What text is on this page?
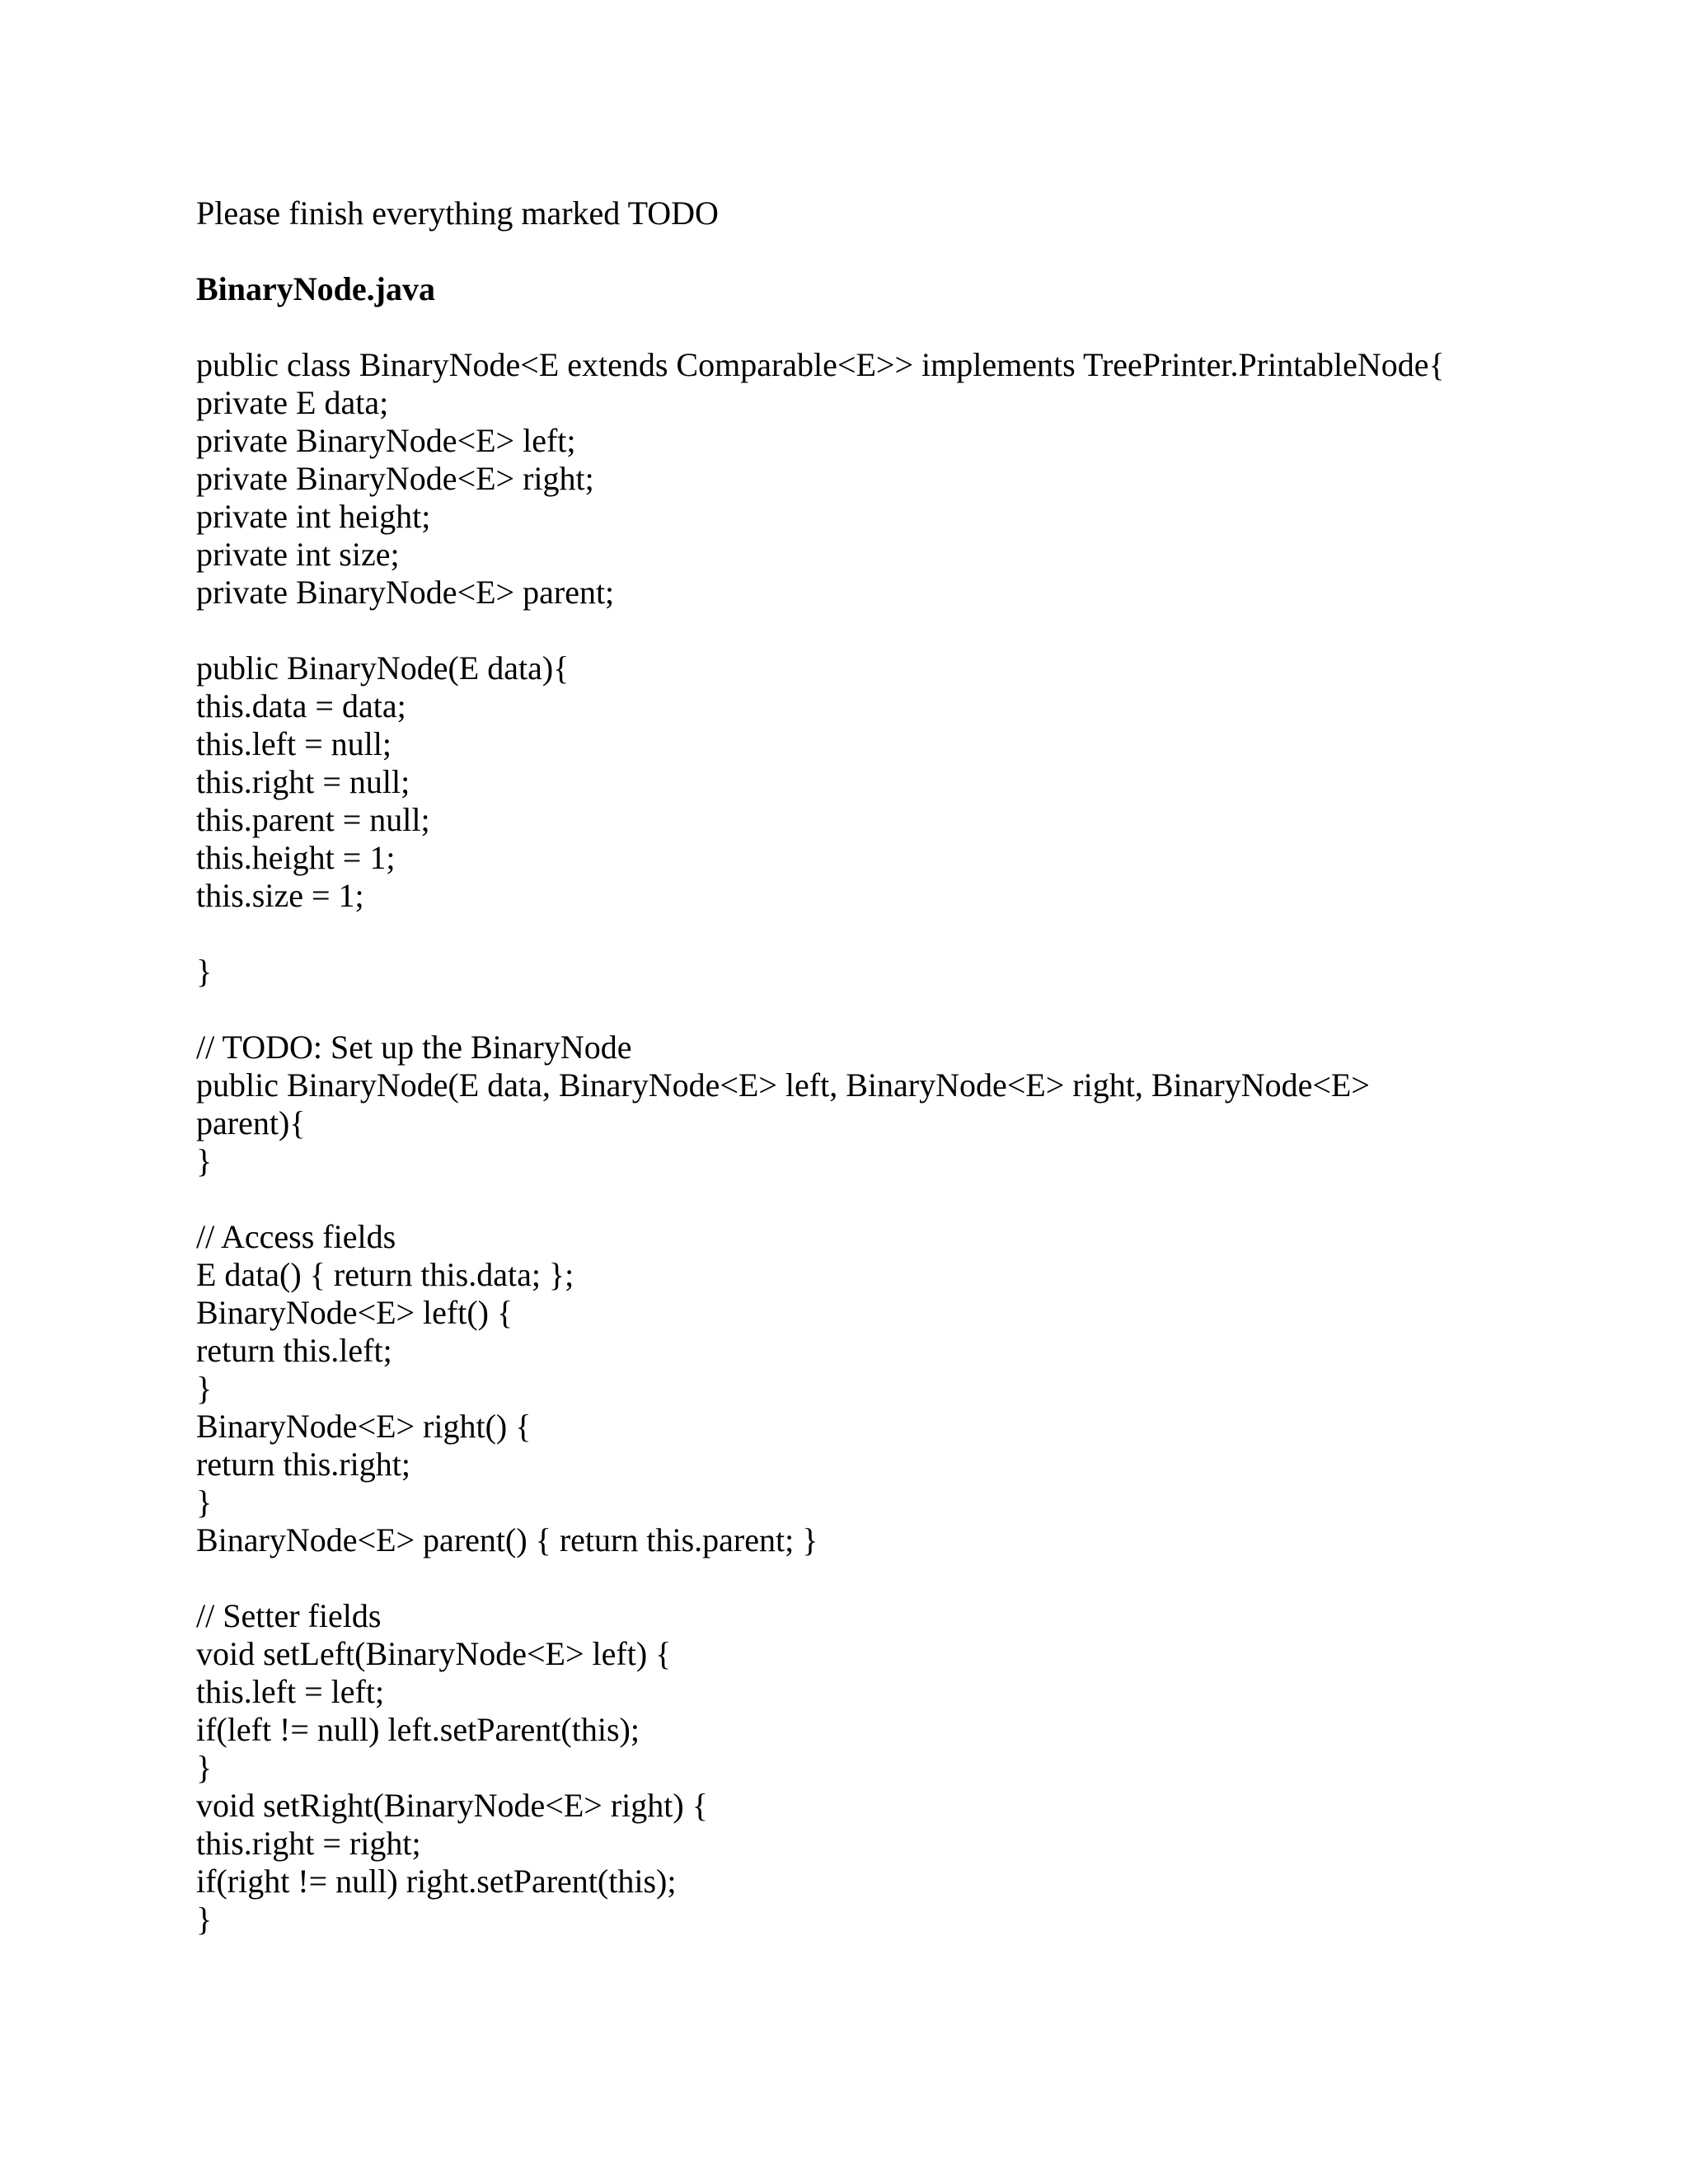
Please finish everything marked TODO

BinaryNode.java

public class BinaryNode<E extends Comparable<E>> implements TreePrinter.PrintableNode{

private E data;

private BinaryNode<E> left;

private BinaryNode<E> right;

private int height;

private int size;

private BinaryNode<E> parent;

public BinaryNode(E data){

this.data = data;

this.left = null;

this.right = null;

this.parent = null;

this.height = 1;

this.size = 1;

}

// TODO: Set up the BinaryNode

public BinaryNode(E data, BinaryNode<E> left, BinaryNode<E> right, BinaryNode<E>

parent){

}

// Access fields

E data() { return this.data; };

BinaryNode<E> left() {

return this.left;

}

BinaryNode<E> right() {

return this.right;

}

BinaryNode<E> parent() { return this.parent; }

// Setter fields

void setLeft(BinaryNode<E> left) {

this.left = left;

if(left != null) left.setParent(this);

}

void setRight(BinaryNode<E> right) {

this.right = right;

if(right != null) right.setParent(this);

}
